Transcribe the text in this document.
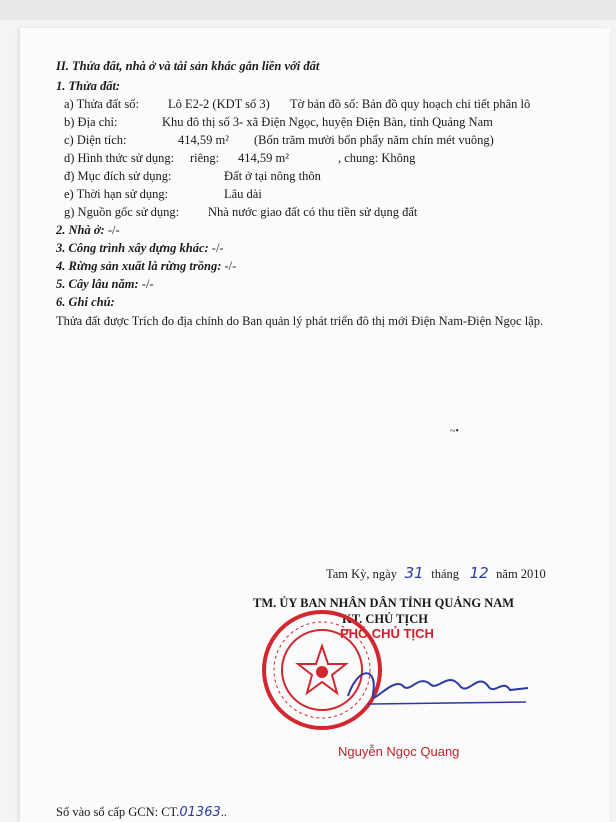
II. Thửa đất, nhà ở và tài sản khác gắn liền với đất
1. Thửa đất:
a) Thửa đất số: Lô E2-2 (KDT số 3) Tờ bản đồ số: Bản đồ quy hoạch chi tiết phân lô
b) Địa chỉ:	Khu đô thị số 3- xã Điện Ngọc, huyện Điện Bàn, tỉnh Quảng Nam
c) Diện tích:	414,59 m² (Bốn trăm mười bốn phẩy năm chín mét vuông)
d) Hình thức sử dụng: riêng: 414,59 m²	, chung: Không
đ) Mục đích sử dụng:	Đất ở tại nông thôn
e) Thời hạn sử dụng:	Lâu dài
g) Nguồn gốc sử dụng: Nhà nước giao đất có thu tiền sử dụng đất
2. Nhà ở: -/-
3. Công trình xây dựng khác: -/-
4. Rừng sản xuất là rừng trồng: -/-
5. Cây lâu năm: -/-
6. Ghi chú:
Thửa đất được Trích đo địa chính do Ban quản lý phát triển đô thị mới Điện Nam-Điện Ngọc lập.
~•
Tam Kỳ, ngày 31 tháng 12 năm 2010
TM. ỦY BAN NHÂN DÂN TỈNH QUẢNG NAM
KT. CHỦ TỊCH
PHÓ CHỦ TỊCH
Nguyễn Ngọc Quang
Số vào sổ cấp GCN: CT.01363..
